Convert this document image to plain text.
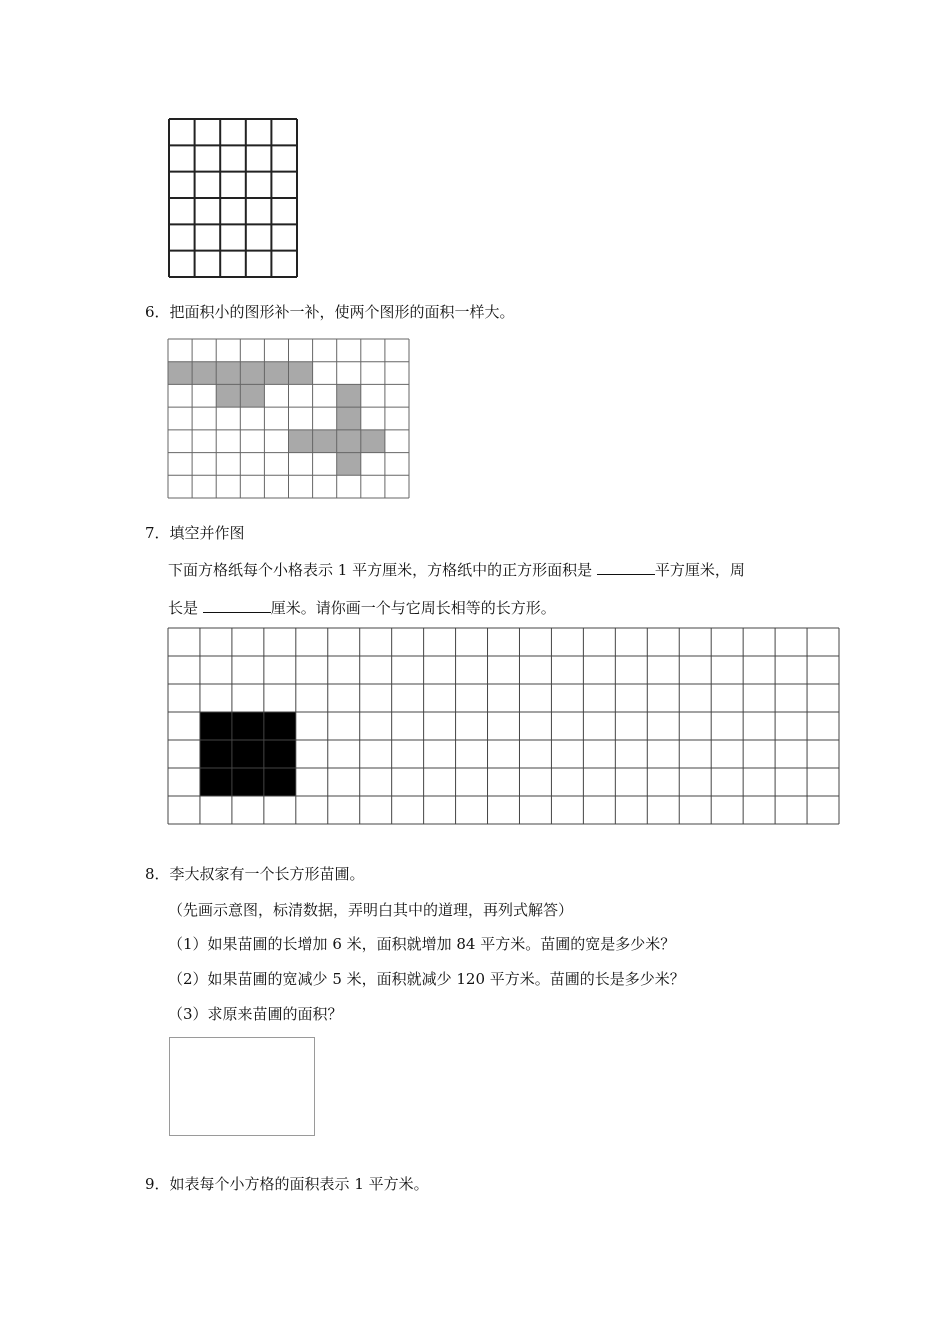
6．把面积小的图形补一补，使两个图形的面积一样大。
7．填空并作图
下面方格纸每个小格表示 1 平方厘米，方格纸中的正方形面积是	平方厘米，周
长是	厘米。请你画一个与它周长相等的长方形。
8．李大叔家有一个长方形苗圃。
（先画示意图，标清数据，弄明白其中的道理，再列式解答）
（1）如果苗圃的长增加 6 米，面积就增加 84 平方米。苗圃的宽是多少米？
（2）如果苗圃的宽减少 5 米，面积就减少 120 平方米。苗圃的长是多少米？
（3）求原来苗圃的面积？
9．如表每个小方格的面积表示 1 平方米。
